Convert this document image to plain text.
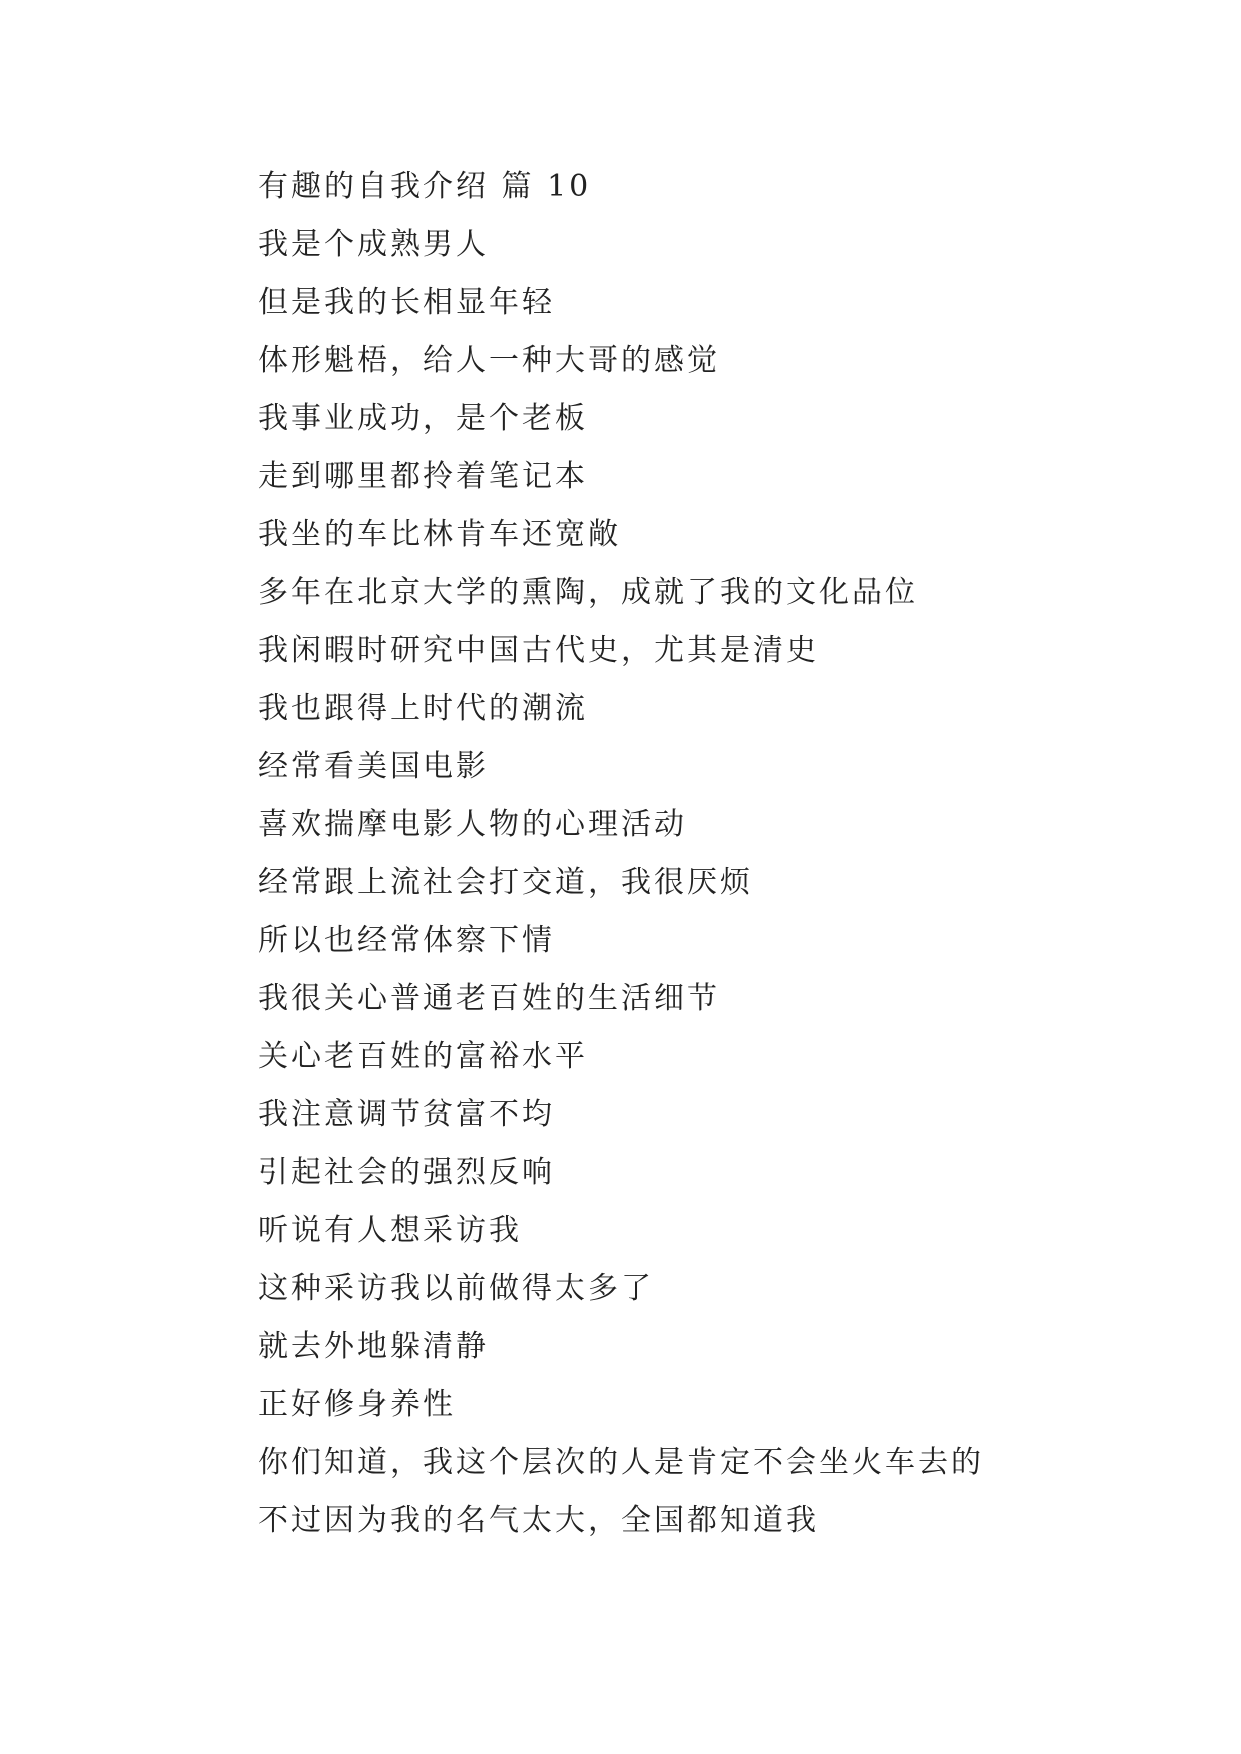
有趣的自我介绍 篇 10
我是个成熟男人
但是我的长相显年轻
体形魁梧，给人一种大哥的感觉
我事业成功，是个老板
走到哪里都拎着笔记本
我坐的车比林肯车还宽敞
多年在北京大学的熏陶，成就了我的文化品位
我闲暇时研究中国古代史，尤其是清史
我也跟得上时代的潮流
经常看美国电影
喜欢揣摩电影人物的心理活动
经常跟上流社会打交道，我很厌烦
所以也经常体察下情
我很关心普通老百姓的生活细节
关心老百姓的富裕水平
我注意调节贫富不均
引起社会的强烈反响
听说有人想采访我
这种采访我以前做得太多了
就去外地躲清静
正好修身养性
你们知道，我这个层次的人是肯定不会坐火车去的
不过因为我的名气太大，全国都知道我
